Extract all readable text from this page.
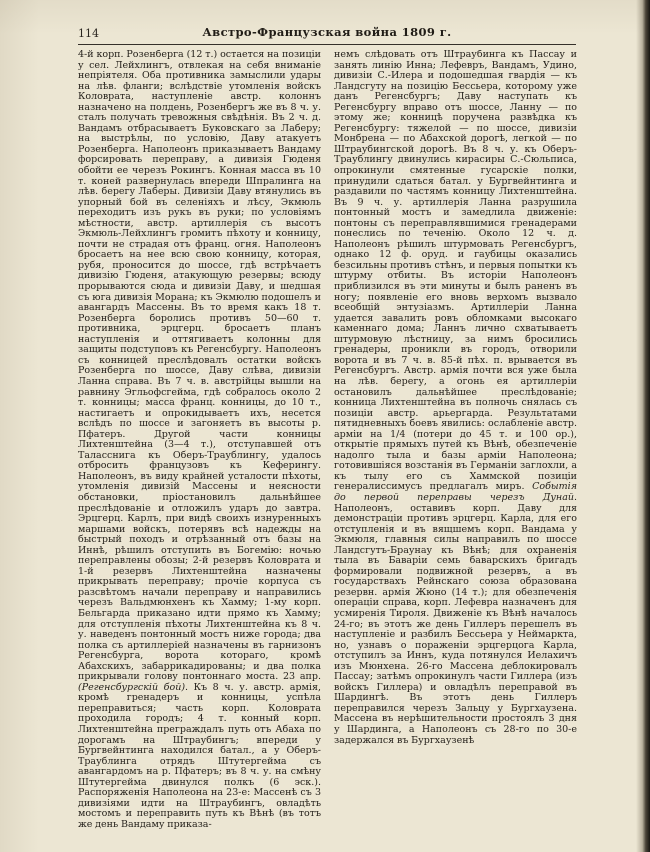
114	Австро-Французская война 1809 г.
4-й корп. Розенберга (12 т.) остается на позиціи у сел. Лейхлингъ, отвлекая на себя вниманіе непріятеля. Оба противника замыслили удары на лѣв. фланги; вслѣдствіе утомленія войскъ Коловрата, наступленіе австр. колоннъ назначено на полдень, Розенбергъ же въ 8 ч. у. сталъ получать тревожныя свѣдѣнія. Въ 2 ч. д. Вандамъ отбрасываетъ Буковскаго за Лаберу; на выстрѣлы, по условію, Даву атакуетъ Розенберга. Наполеонъ приказываетъ Вандаму форсировать переправу, а дивизія Гюденя обойти ее черезъ Рокингъ. Конная масса въ 10 т. коней развернулась впереди Шпралинга на лѣв. берегу Лаберы. Дивизіи Даву втянулись въ упорный бой въ селеніяхъ и лѣсу, Экмюль переходитъ изъ рукъ въ руки; по условіямъ мѣстности, австр. артиллерія съ высотъ Экмюль-Лейхлингъ громитъ пѣхоту и конницу, почти не страдая отъ франц. огня. Наполеонъ бросаетъ на нее всю свою конницу, которая, рубя, проносится до шоссе, гдѣ встрѣчаетъ дивизію Гюденя, атакующую резервы; всюду прорываются сюда и дивизіи Даву, и шедшая съ юга дивизія Морана; къ Экмюлю подошелъ и авангардъ Массены. Въ то время какъ 18 т. Розенберга боролись противъ 50—60 т. противника, эрцгерц. бросаетъ планъ наступленія и оттягиваетъ колонны для защиты подступовъ къ Регенсбургу. Наполеонъ съ конницей преслѣдовалъ остатки войскъ Розенберга по шоссе, Даву слѣва, дивизіи Ланна справа. Въ 7 ч. в. австрійцы вышли на равнину Эгльофсгейма, гдѣ собралось около 2 т. конницы; масса франц. конницы, до 10 т., настигаетъ и опрокидываетъ ихъ, несется вслѣдъ по шоссе и загоняетъ въ высоты р. Пфатеръ. Другой части конницы Лихтенштейна (3—4 т.), отступавшей отъ Таласснига къ Оберъ-Траублингу, удалось отбросить французовъ къ Кеферингу. Наполеонъ, въ виду крайней усталости пѣхоты, утомленія дивизій Массены и неясности обстановки, пріостановилъ дальнѣйшее преслѣдованіе и отложилъ ударъ до завтра. Эрцгерц. Карлъ, при видѣ своихъ изнуренныхъ маршами войскъ, потерявъ всѣ надежды на быстрый походъ и отрѣзанный отъ базы на Иннѣ, рѣшилъ отступить въ Богемію: ночью переправлены обозы; 2-й резервъ Коловрата и 1-й резервъ Лихтенштейна назначены прикрывать переправу; прочіе корпуса съ разсвѣтомъ начали переправу и направились черезъ Вальдмюнхенъ къ Хамму; 1-му корп. Бельгарда приказано идти прямо къ Хамму; для отступленія пѣхоты Лихтенштейна къ 8 ч. у. наведенъ понтонный мостъ ниже города; два полка съ артиллеріей назначены въ гарнизонъ Регенсбурга, ворота котораго, кромѣ Абахскихъ, забаррикадированы; и два полка прикрывали голову понтоннаго моста. 23 апр. (Регенсбургскій бой). Къ 8 ч. у. австр. армія, кромѣ гренадеръ и конницы, успѣла переправиться; часть корп. Коловрата проходила городъ; 4 т. конный корп. Лихтенштейна преграждалъ путь отъ Абаха по дорогамъ на Штраубингъ; впереди у Бургвейнтинга находился батал., а у Оберъ-Траублинга отрядъ Штутергейма съ авангардомъ на р. Пфатеръ; въ 8 ч. у. на смѣну Штутергейма двинулся полкъ (6 эск.). Распоряженія Наполеона на 23-е: Массенѣ съ 3 дивизіями идти на Штраубингъ, овладѣть мостомъ и переправить путь къ Вѣнѣ (въ тотъ же день Вандаму приказа-
немъ слѣдовать отъ Штраубинга къ Пассау и занять линію Инна; Лефевръ, Вандамъ, Удино, дивизіи С.-Илера и подошедшая гвардія — къ Ландсгуту на позицію Бессьера, которому уже данъ Регенсбургъ; Даву наступать къ Регенсбургу вправо отъ шоссе, Ланну — по этому же; конницѣ поручена развѣдка къ Регенсбургу: тяжелой — по шоссе, дивизіи Монбрена — по Абахской дорогѣ, легкой — по Штраубингской дорогѣ. Въ 8 ч. у. къ Оберъ-Траублингу двинулись кирасиры С.-Сюльписа, опрокинули смятенные гусарскіе полки, принудили сдаться батал. у Бургвейнтинга и раздавили по частямъ конницу Лихтенштейна. Въ 9 ч. у. артиллерія Ланна разрушила понтонный мостъ и замедлила движеніе: понтоны съ переправлявшимися гренадерами понеслись по теченію. Около 12 ч. д. Наполеонъ рѣшилъ штурмовать Регенсбургъ, однако 12 ф. оруд. и гаубицы оказались безсильны противъ стѣнъ, и первыя попытки къ штурму отбиты. Въ исторіи Наполеонъ приблизился въ эти минуты и былъ раненъ въ ногу; появленіе его вновь верхомъ вызвало всеобщій энтузіазмъ. Артиллеріи Ланна удается завалить ровъ обломками высокаго каменнаго дома; Ланнъ лично схватываетъ штурмовую лѣстницу, за нимъ бросились гренадеры, проникли въ городъ, отворили ворота и въ 7 ч. в. 85-й пѣх. п. врывается въ Регенсбургъ. Австр. армія почти вся уже была на лѣв. берегу, а огонь ея артиллеріи остановилъ дальнѣйшее преслѣдованіе; конница Лихтенштейна въ полночь снялась съ позиціи австр. арьергарда. Результатами пятидневныхъ боевъ явились: ослабленіе австр. арміи на 1/4 (потери до 45 т. и 100 ор.), открытіе прямыхъ путей къ Вѣнѣ, обезпеченіе надолго тыла и базы арміи Наполеона; готовившіяся возстанія въ Германіи заглохли, а къ тылу его съ Хаммской позиціи генералиссимусъ предлагалъ миръ. Событія до первой переправы черезъ Дунай. Наполеонъ, оставивъ корп. Даву для демонстраціи противъ эрцгерц. Карла, для его отступленія и въ вящшемъ корп. Вандама у Экмюля, главныя силы направилъ по шоссе Ландсгутъ-Браунау къ Вѣнѣ; для охраненія тыла въ Баваріи семь баварскихъ бригадъ формировали подвижной резервъ, а въ государствахъ Рейнскаго союза образована резервн. армія Жюно (14 т.); для обезпеченія операціи справа, корп. Лефевра назначенъ для усмиренія Тироля. Движеніе къ Вѣнѣ началось 24-го; въ этотъ же день Гиллеръ перешелъ въ наступленіе и разбилъ Бессьера у Неймаркта, но, узнавъ о пораженіи эрцгерцога Карла, отступилъ за Иннъ, куда потянулся Иелахичъ изъ Мюнхена. 26-го Массена деблокировалъ Пассау; затѣмъ опрокинулъ части Гиллера (изъ войскъ Гиллера) и овладѣлъ переправой въ Шардингѣ. Въ этотъ день Гиллеръ переправился черезъ Зальцу у Бургхаузена. Массена въ нерѣшительности простоялъ 3 дня у Шардинга, а Наполеонъ съ 28-го по 30-е задержался въ Бургхаузенѣ
